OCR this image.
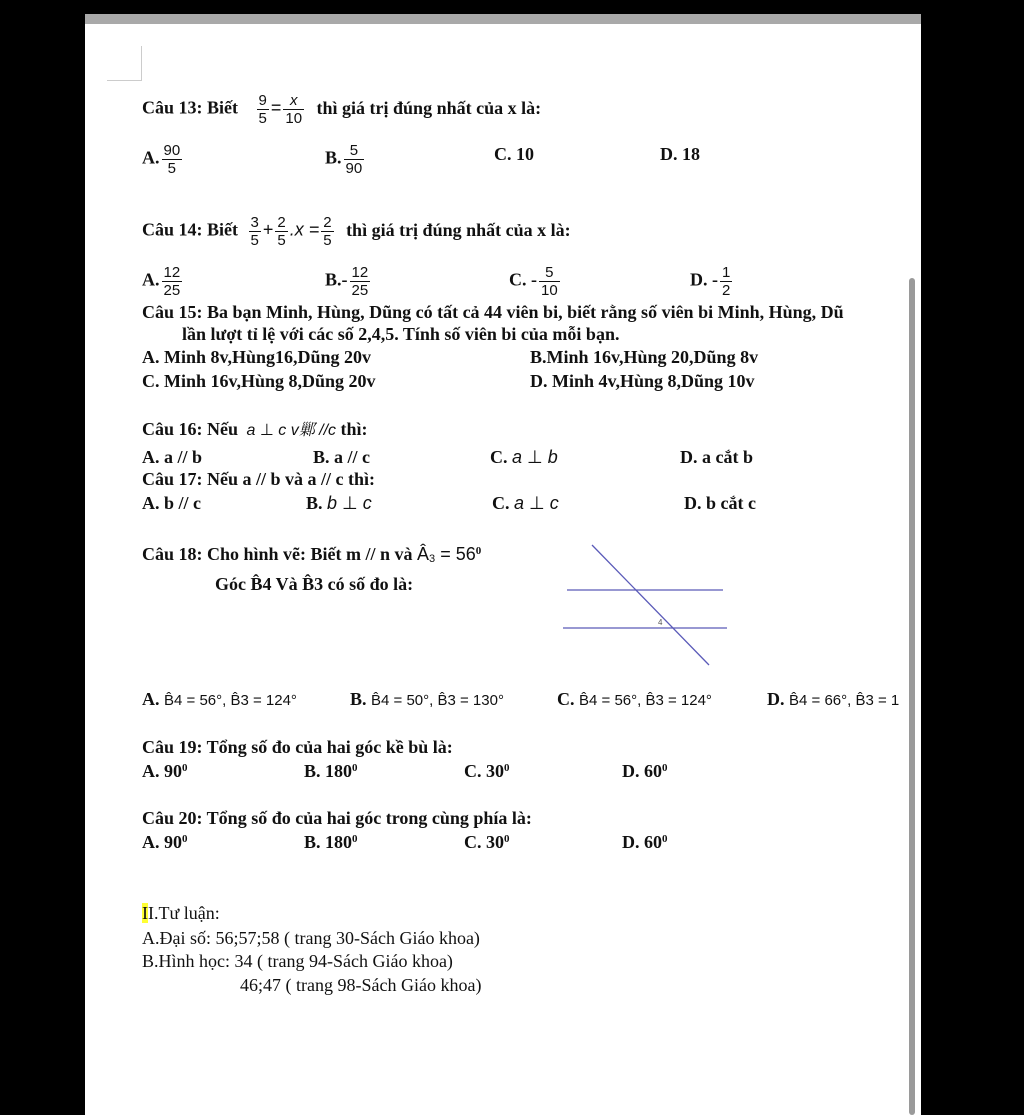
Câu 13: Biết $\frac{9}{5} = \frac{x}{10}$ thì giá trị đúng nhất của x là:
A. $\frac{90}{5}$	B. $\frac{5}{90}$	C. 10	D. 18
Câu 14: Biết $\frac{3}{5} + \frac{2}{5} .x = \frac{2}{5}$ thì giá trị đúng nhất của x là:
A. $\frac{12}{25}$	$B.- \frac{12}{25}$	C. - $\frac{5}{10}$	D. - $\frac{1}{2}$
Câu 15: Ba bạn Minh, Hùng, Dũng có tất cả 44 viên bi, biết rằng số viên bi Minh, Hùng, Dũ
lần lượt tỉ lệ với các số 2,4,5. Tính số viên bi của mỗi bạn.
A. Minh 8v,Hùng16,Dũng 20v	B.Minh 16v,Hùng 20,Dũng 8v
C. Minh 16v,Hùng 8,Dũng 20v	D. Minh 4v,Hùng 8,Dũng 10v
Câu 16: Nếu a ⊥ c v鄛 //c thì:
A. a // b	B. a // c	C. a ⊥ b	D. a cắt b
Câu 17: Nếu a // b và a // c thì:
A. b // c	B. b ⊥ c	C. a ⊥ c	D. b cắt c
Câu 18: Cho hình vẽ: Biết m // n và $Â^3 = 56^0$
Góc B̂4 Và B̂3 có số đo là:
4
A. B̂4 = 56°, B̂3 = 124°	B. B̂4 = 50°, B̂3 = 130°	C. B̂4 = 56°, B̂3 = 124°	D. B̂4 = 66°, B̂3 = 1
Câu 19: Tổng số đo của hai góc kề bù là:
A. $90^0$	B. $180^0$	C. $30^0$	D. $60^0$
Câu 20: Tổng số đo của hai góc trong cùng phía là:
A. $90^0$	B. $180^0$	C. $30^0$	D. $60^0$
II.Tư luận:
A.Đại số: 56;57;58 ( trang 30-Sách Giáo khoa)
B.Hình học: 34 ( trang 94-Sách Giáo khoa)
46;47 ( trang 98-Sách Giáo khoa)
